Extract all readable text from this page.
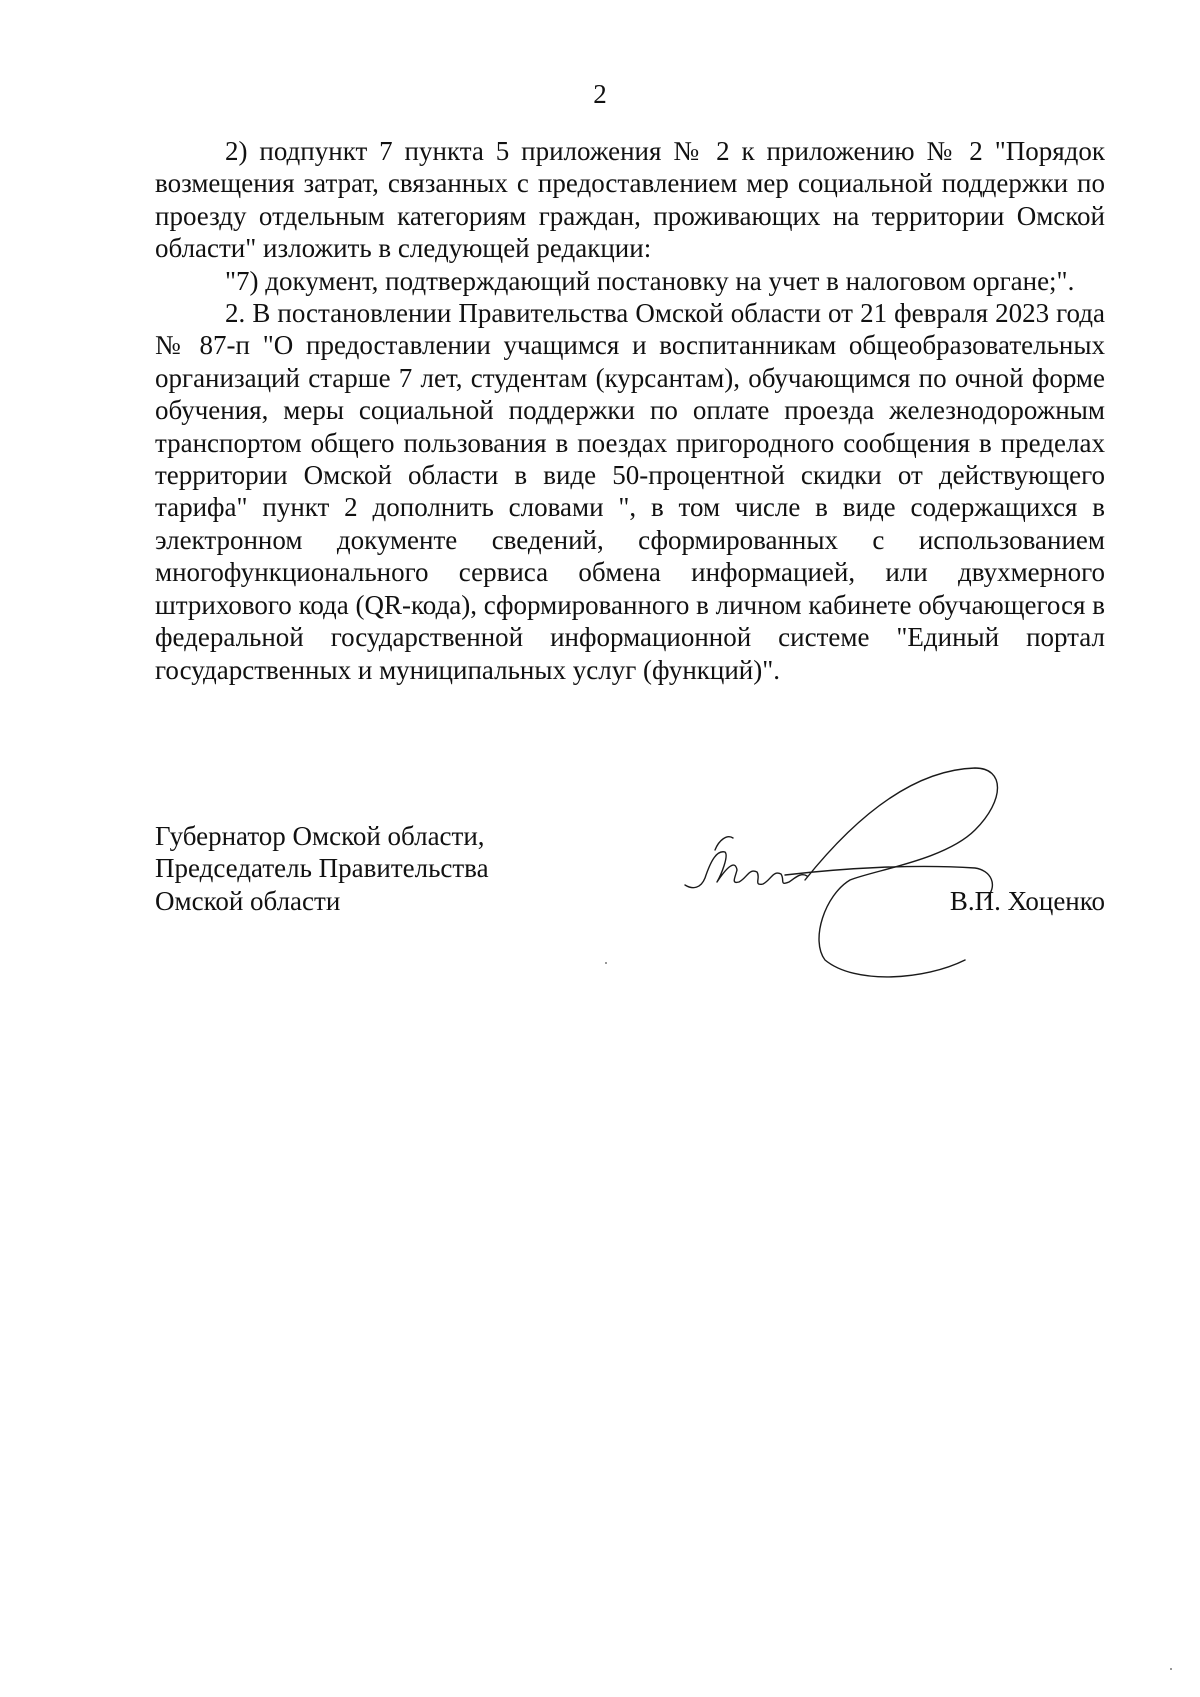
2

2) подпункт 7 пункта 5 приложения № 2 к приложению № 2 "Порядок возмещения затрат, связанных с предоставлением мер социальной поддержки по проезду отдельным категориям граждан, проживающих на территории Омской области" изложить в следующей редакции:

"7) документ, подтверждающий постановку на учет в налоговом органе;".

2. В постановлении Правительства Омской области от 21 февраля 2023 года № 87-п "О предоставлении учащимся и воспитанникам общеобразовательных организаций старше 7 лет, студентам (курсантам), обучающимся по очной форме обучения, меры социальной поддержки по оплате проезда железнодорожным транспортом общего пользования в поездах пригородного сообщения в пределах территории Омской области в виде 50-процентной скидки от действующего тарифа" пункт 2 дополнить словами ", в том числе в виде содержащихся в электронном документе сведений, сформированных с использованием многофункционального сервиса обмена информацией, или двухмерного штрихового кода (QR-кода), сформированного в личном кабинете обучающегося в федеральной государственной информационной системе "Единый портал государственных и муниципальных услуг (функций)".

Губернатор Омской области,
Председатель Правительства
Омской области	В.П. Хоценко
